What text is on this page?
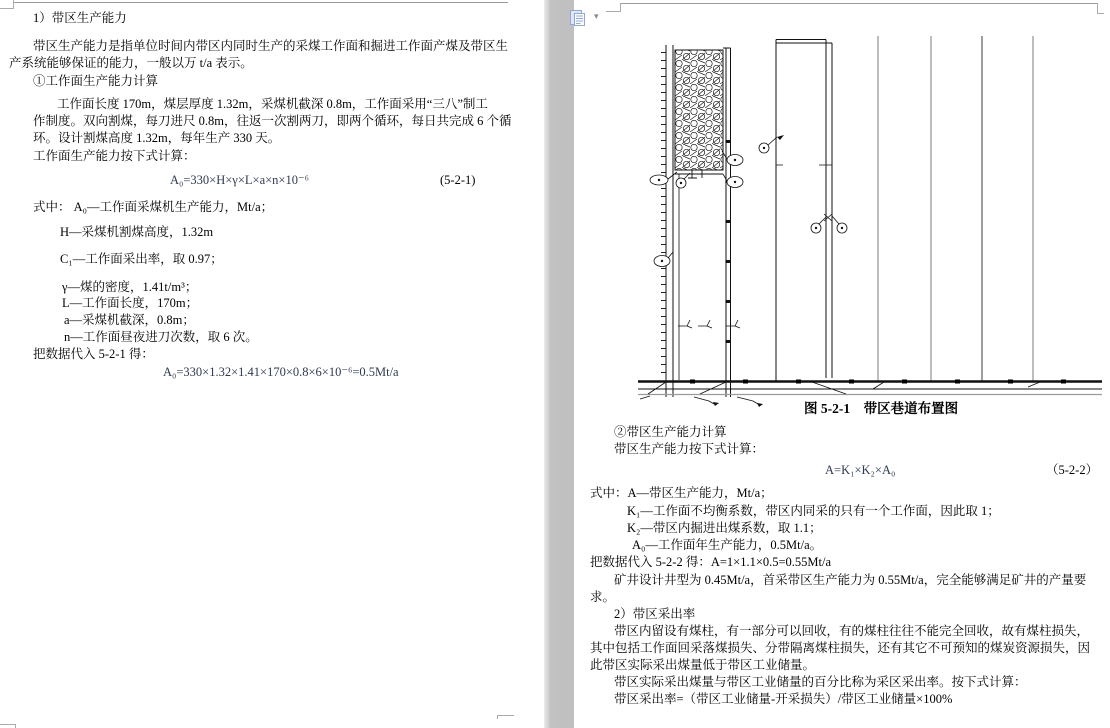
1）带区生产能力
带区生产能力是指单位时间内带区内同时生产的采煤工作面和掘进工作面产煤及带区生
产系统能够保证的能力，一般以万 t/a 表示。
①工作面生产能力计算
工作面长度 170m，煤层厚度 1.32m，采煤机截深 0.8m，工作面采用“三八”制工
作制度。双向割煤，每刀进尺 0.8m，往返一次割两刀，即两个循环，每日共完成 6 个循
环。设计割煤高度 1.32m，每年生产 330 天。
工作面生产能力按下式计算：
A₀=330×H×γ×L×a×n×10⁻⁶	(5-2-1)
式中： A₀—工作面采煤机生产能力，Mt/a；
H—采煤机割煤高度，1.32m
C₁—工作面采出率，取 0.97；
γ—煤的密度，1.41t/m³；
L—工作面长度，170m；
a—采煤机截深，0.8m；
n—工作面昼夜进刀次数，取 6 次。
把数据代入 5-2-1 得：
A₀=330×1.32×1.41×170×0.8×6×10⁻⁶=0.5Mt/a
图 5-2-1　带区巷道布置图
②带区生产能力计算
带区生产能力按下式计算：
A=K₁×K₂×A₀	（5-2-2）
式中：A—带区生产能力，Mt/a；
K₁—工作面不均衡系数，带区内同采的只有一个工作面，因此取 1；
K₂—带区内掘进出煤系数，取 1.1；
A₀—工作面年生产能力，0.5Mt/a。
把数据代入 5-2-2 得：A=1×1.1×0.5=0.55Mt/a
矿井设计井型为 0.45Mt/a，首采带区生产能力为 0.55Mt/a，完全能够满足矿井的产量要
求。
2）带区采出率
带区内留设有煤柱，有一部分可以回收，有的煤柱往往不能完全回收，故有煤柱损失，
其中包括工作面回采落煤损失、分带隔离煤柱损失，还有其它不可预知的煤炭资源损失，因
此带区实际采出煤量低于带区工业储量。
带区实际采出煤量与带区工业储量的百分比称为采区采出率。按下式计算：
带区采出率=（带区工业储量-开采损失）/带区工业储量×100%
▾
